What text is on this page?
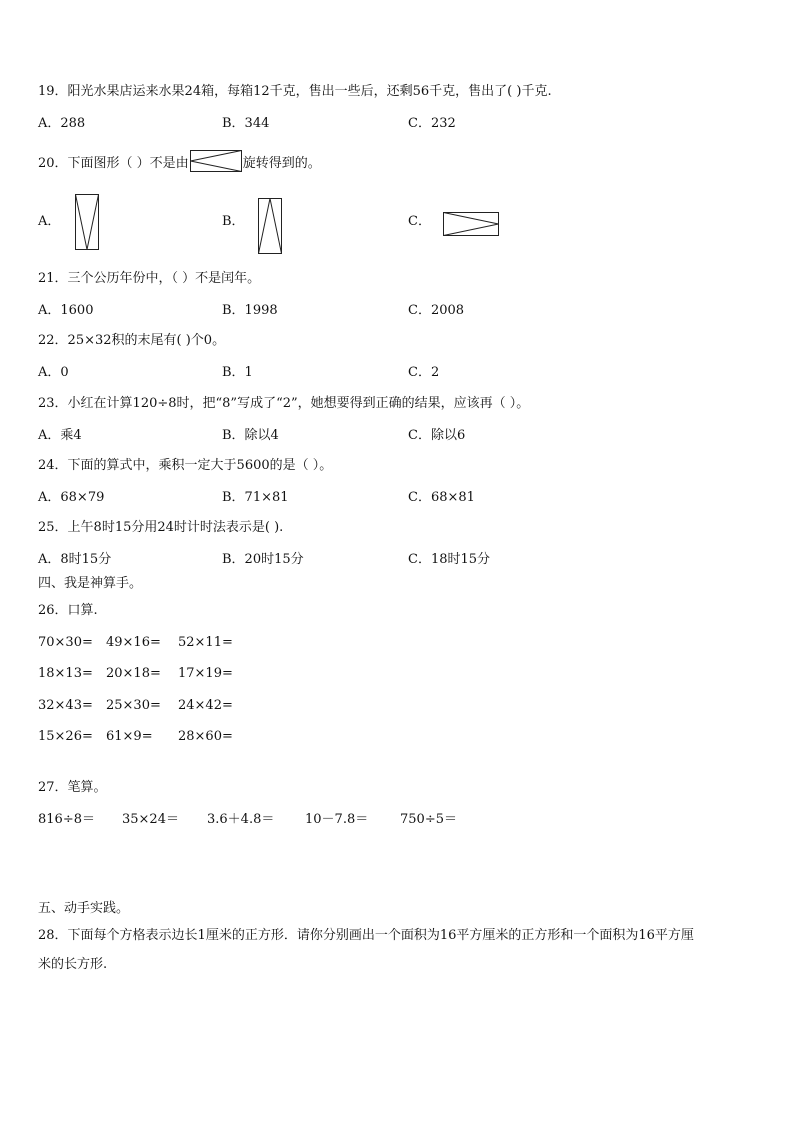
19．阳光水果店运来水果24箱，每箱12千克，售出一些后，还剩56千克，售出了( )千克.
A．288	B．344	C．232
20．下面图形（ ）不是由	旋转得到的。
A．	B．	C．
21．三个公历年份中，（ ）不是闰年。
A．1600	B．1998	C．2008
22．25×32积的末尾有( )个0。
A．0	B．1	C．2
23．小红在计算120÷8时，把“8”写成了“2”，她想要得到正确的结果，应该再（ ）。
A．乘4	B．除以4	C．除以6
24．下面的算式中，乘积一定大于5600的是（ ）。
A．68×79	B．71×81	C．68×81
25．上午8时15分用24时计时法表示是( ).
A．8时15分	B．20时15分	C．18时15分
四、我是神算手。
26．口算.
70×30= 49×16= 52×11=
18×13= 20×18= 17×19=
32×43= 25×30= 24×42=
15×26= 61×9= 28×60=
27．笔算。
816÷8＝ 35×24＝ 3.6＋4.8＝ 10－7.8＝ 750÷5＝
五、动手实践。
28．下面每个方格表示边长1厘米的正方形．请你分别画出一个面积为16平方厘米的正方形和一个面积为16平方厘
米的长方形.
